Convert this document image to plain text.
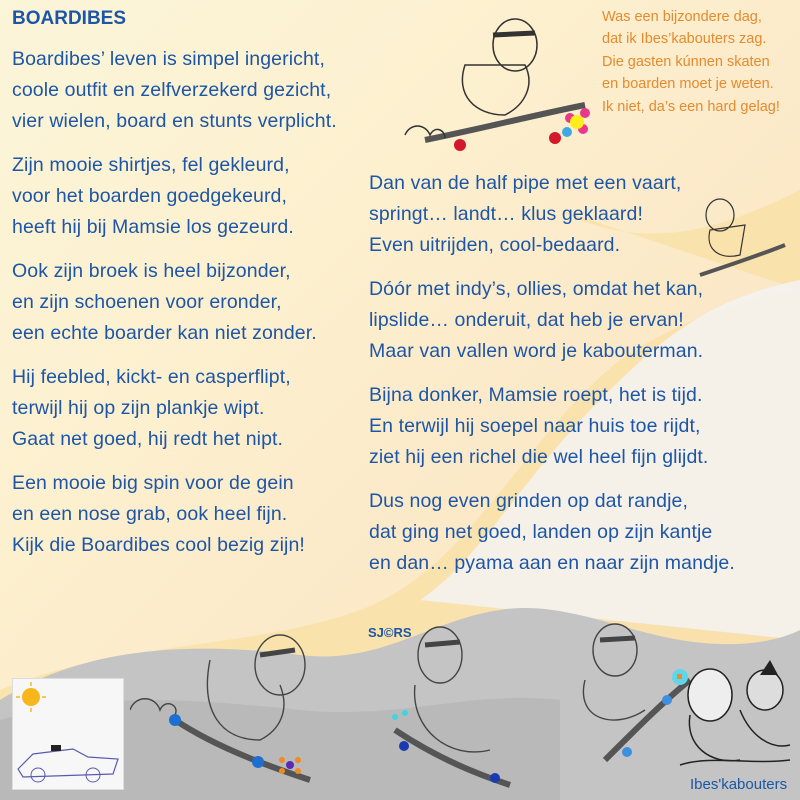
BOARDIBES	Was een bijzondere dag,
dat ik Ibes’kabouters zag.
Die gasten kúnnen skaten
en boarden moet je weten.
Ik niet, da’s een hard gelag!
Boardibes’ leven is simpel ingericht,
coole outfit en zelfverzekerd gezicht,
vier wielen, board en stunts verplicht.
Zijn mooie shirtjes, fel gekleurd,
voor het boarden goedgekeurd,
heeft hij bij Mamsie los gezeurd.
Ook zijn broek is heel bijzonder,
en zijn schoenen voor eronder,
een echte boarder kan niet zonder.
Hij feebled, kickt- en casperflipt,
terwijl hij op zijn plankje wipt.
Gaat net goed, hij redt het nipt.
Een mooie big spin voor de gein
en een nose grab, ook heel fijn.
Kijk die Boardibes cool bezig zijn!
Dan van de half pipe met een vaart,
springt… landt… klus geklaard!
Even uitrijden, cool-bedaard.
Dóór met indy’s, ollies, omdat het kan,
lipslide… onderuit, dat heb je ervan!
Maar van vallen word je kabouterman.
Bijna donker, Mamsie roept, het is tijd.
En terwijl hij soepel naar huis toe rijdt,
ziet hij een richel die wel heel fijn glijdt.
Dus nog even grinden op dat randje,
dat ging net goed, landen op zijn kantje
en dan… pyama aan en naar zijn mandje.
SJ©RS
Ibes'kabouters
